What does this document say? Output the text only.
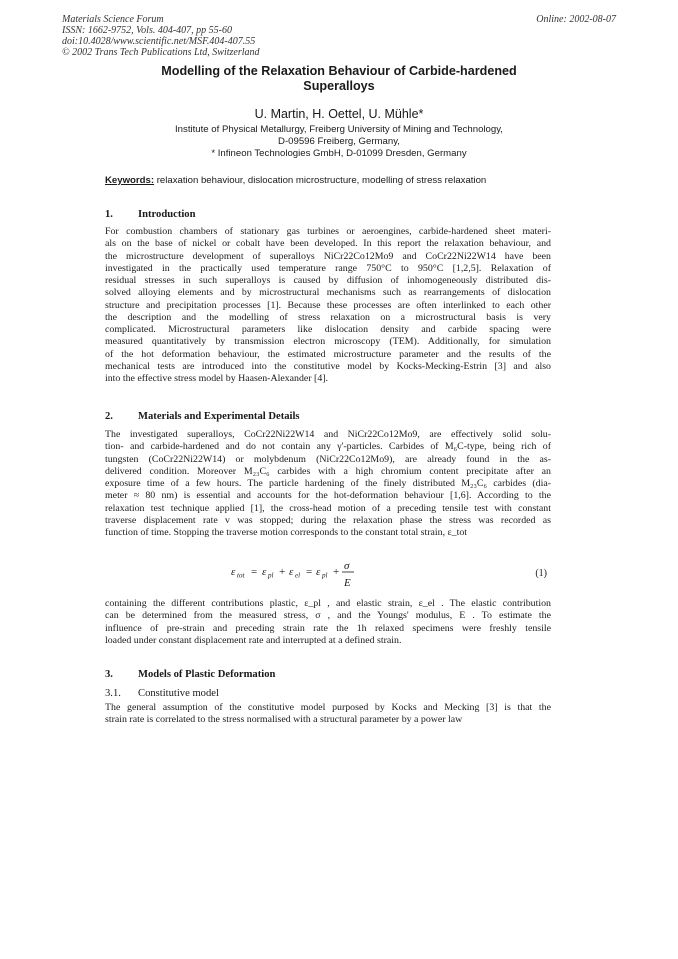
Materials Science Forum
ISSN: 1662-9752, Vols. 404-407, pp 55-60
doi:10.4028/www.scientific.net/MSF.404-407.55
© 2002 Trans Tech Publications Ltd, Switzerland
Online: 2002-08-07
Modelling of the Relaxation Behaviour of Carbide-hardened
Superalloys
U. Martin, H. Oettel, U. Mühle*
Institute of Physical Metallurgy, Freiberg University of Mining and Technology,
D-09596 Freiberg, Germany,
* Infineon Technologies GmbH, D-01099 Dresden, Germany
Keywords: relaxation behaviour, dislocation microstructure, modelling of stress relaxation
1. Introduction
For combustion chambers of stationary gas turbines or aeroengines, carbide-hardened sheet materi-
als on the base of nickel or cobalt have been developed. In this report the relaxation behaviour, and
the microstructure development of superalloys NiCr22Co12Mo9 and CoCr22Ni22W14 have been
investigated in the practically used temperature range 750°C to 950°C [1,2,5]. Relaxation of
residual stresses in such superalloys is caused by diffusion of inhomogeneously distributed dis-
solved alloying elements and by microstructural mechanisms such as rearrangements of dislocation
structure and precipitation processes [1]. Because these processes are often interlinked to each other
the description and the modelling of stress relaxation on a microstructural basis is very
complicated. Microstructural parameters like dislocation density and carbide spacing were
measured quantitatively by transmission electron microscopy (TEM). Additionally, for simulation
of the hot deformation behaviour, the estimated microstructure parameter and the results of the
mechanical tests are introduced into the constitutive model by Kocks-Mecking-Estrin [3] and also
into the effective stress model by Haasen-Alexander [4].
2. Materials and Experimental Details
The investigated superalloys, CoCr22Ni22W14 and NiCr22Co12Mo9, are effectively solid solu-
tion- and carbide-hardened and do not contain any γ'-particles. Carbides of M₆C-type, being rich of
tungsten (CoCr22Ni22W14) or molybdenum (NiCr22Co12Mo9), are already found in the as-
delivered condition. Moreover M₂₃C₆ carbides with a high chromium content precipitate after an
exposure time of a few hours. The particle hardening of the finely distributed M₂₃C₆ carbides (dia-
meter ≈ 80 nm) is essential and accounts for the hot-deformation behaviour [1,6]. According to the
relaxation test technique applied [1], the cross-head motion of a preceding tensile test with constant
traverse displacement rate v was stopped; during the relaxation phase the stress was recorded as
function of time. Stopping the traverse motion corresponds to the constant total strain, ε_tot
ε tot = ε pl + ε el = ε pl + σ
E
(1)
containing the different contributions plastic, ε_pl , and elastic strain, ε_el . The elastic contribution
can be determined from the measured stress, σ , and the Youngs' modulus, E . To estimate the
influence of pre-strain and preceding strain rate the 1h relaxed specimens were freshly tensile
loaded under constant displacement rate and interrupted at a defined strain.
3. Models of Plastic Deformation
3.1. Constitutive model
The general assumption of the constitutive model purposed by Kocks and Mecking [3] is that the
strain rate is correlated to the stress normalised with a structural parameter by a power law
